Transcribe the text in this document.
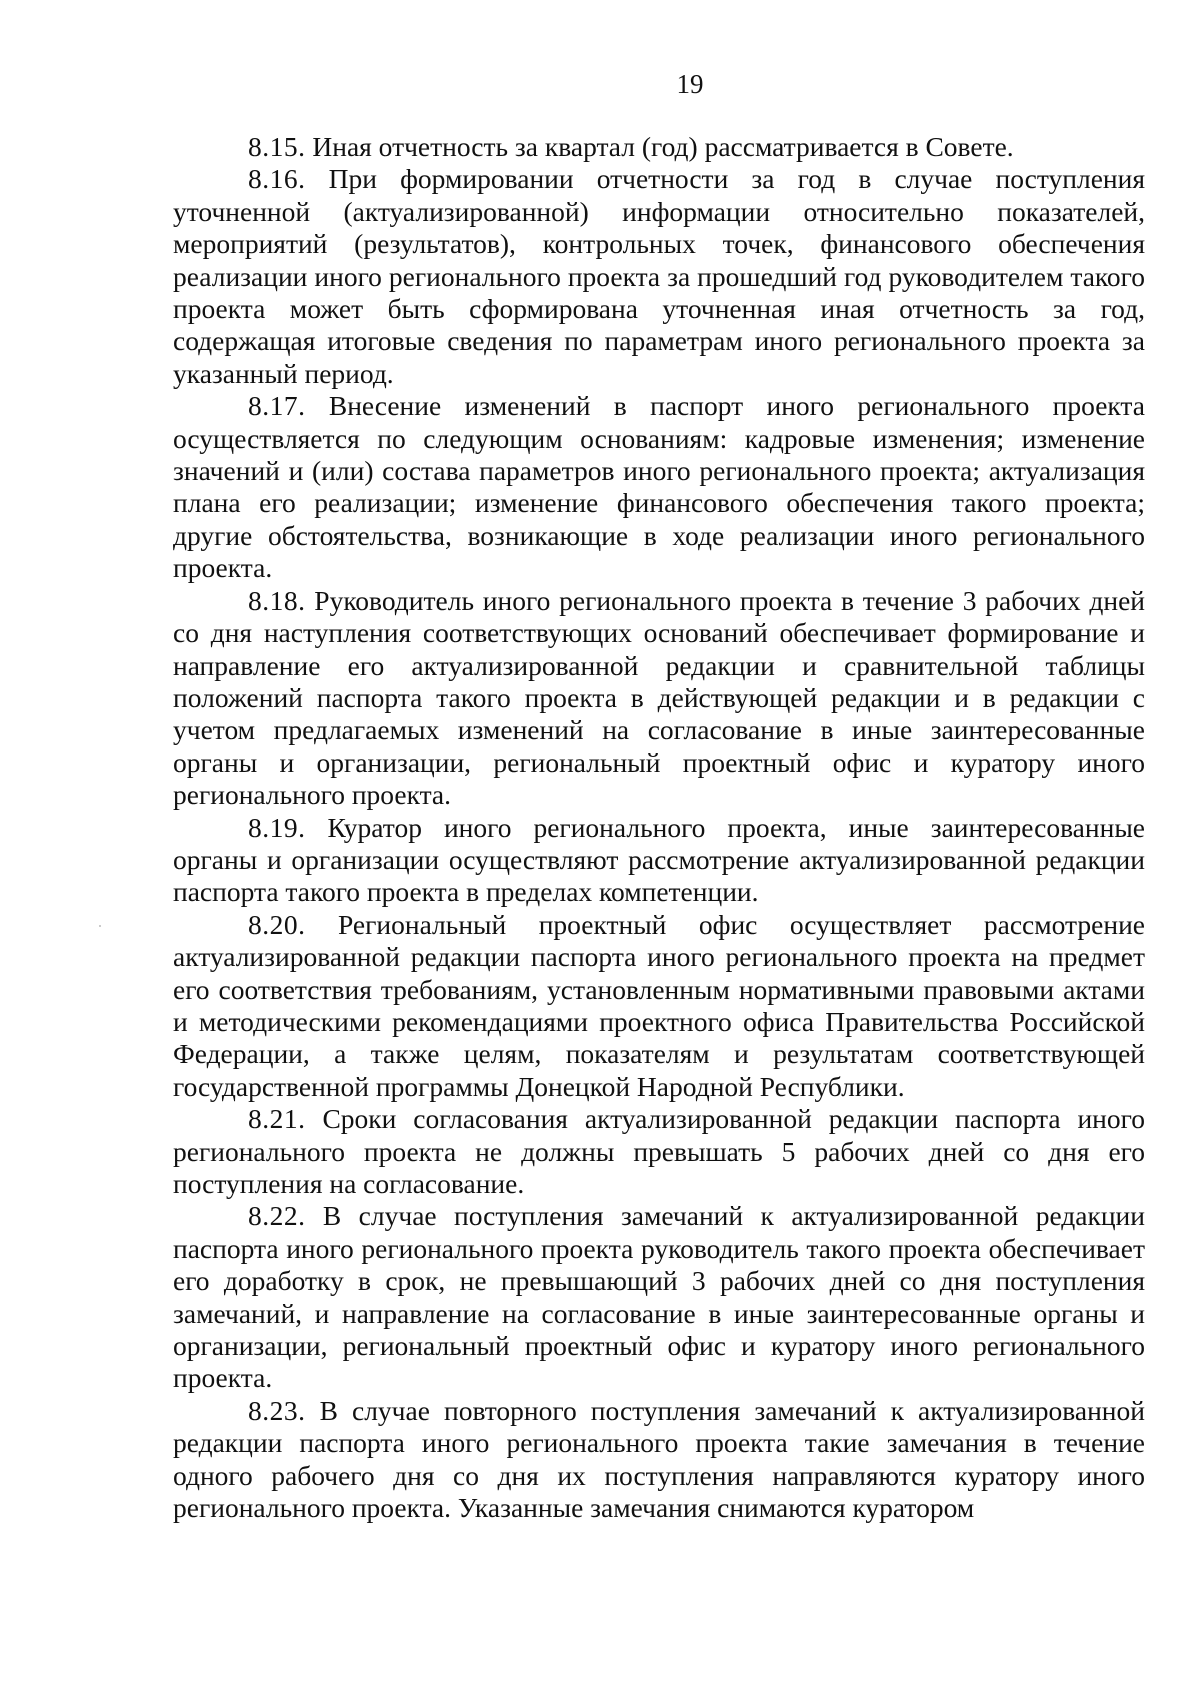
19

8.15. Иная отчетность за квартал (год) рассматривается в Совете.

8.16. При формировании отчетности за год в случае поступления уточненной (актуализированной) информации относительно показателей, мероприятий (результатов), контрольных точек, финансового обеспечения реализации иного регионального проекта за прошедший год руководителем такого проекта может быть сформирована уточненная иная отчетность за год, содержащая итоговые сведения по параметрам иного регионального проекта за указанный период.

8.17. Внесение изменений в паспорт иного регионального проекта осуществляется по следующим основаниям: кадровые изменения; изменение значений и (или) состава параметров иного регионального проекта; актуализация плана его реализации; изменение финансового обеспечения такого проекта; другие обстоятельства, возникающие в ходе реализации иного регионального проекта.

8.18. Руководитель иного регионального проекта в течение 3 рабочих дней со дня наступления соответствующих оснований обеспечивает формирование и направление его актуализированной редакции и сравнительной таблицы положений паспорта такого проекта в действующей редакции и в редакции с учетом предлагаемых изменений на согласование в иные заинтересованные органы и организации, региональный проектный офис и куратору иного регионального проекта.

8.19. Куратор иного регионального проекта, иные заинтересованные органы и организации осуществляют рассмотрение актуализированной редакции паспорта такого проекта в пределах компетенции.

8.20. Региональный проектный офис осуществляет рассмотрение актуализированной редакции паспорта иного регионального проекта на предмет его соответствия требованиям, установленным нормативными правовыми актами и методическими рекомендациями проектного офиса Правительства Российской Федерации, а также целям, показателям и результатам соответствующей государственной программы Донецкой Народной Республики.

8.21. Сроки согласования актуализированной редакции паспорта иного регионального проекта не должны превышать 5 рабочих дней со дня его поступления на согласование.

8.22. В случае поступления замечаний к актуализированной редакции паспорта иного регионального проекта руководитель такого проекта обеспечивает его доработку в срок, не превышающий 3 рабочих дней со дня поступления замечаний, и направление на согласование в иные заинтересованные органы и организации, региональный проектный офис и куратору иного регионального проекта.

8.23. В случае повторного поступления замечаний к актуализированной редакции паспорта иного регионального проекта такие замечания в течение одного рабочего дня со дня их поступления направляются куратору иного регионального проекта. Указанные замечания снимаются куратором
